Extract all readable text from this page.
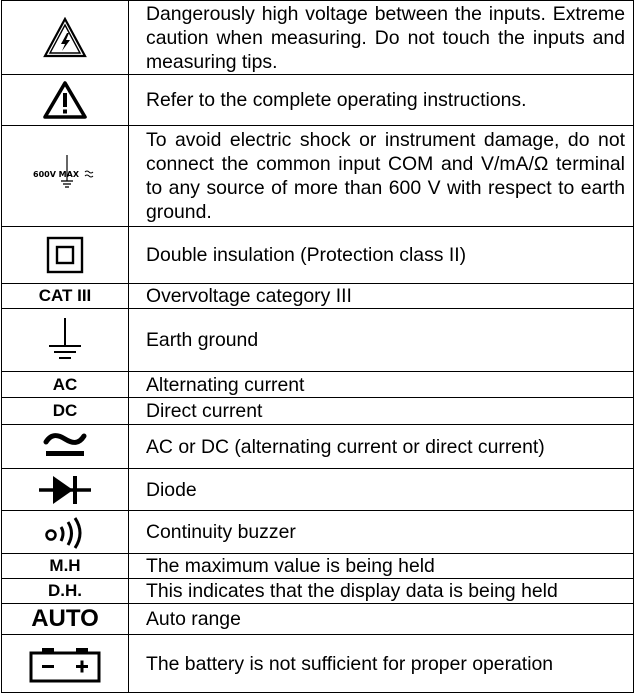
	Dangerously high voltage between the inputs. Extreme caution when measuring. Do not touch the inputs and measuring tips.

	Refer to the complete operating instructions.

600V MAX	To avoid electric shock or instrument damage, do not connect the common input COM and V/mA/Ω terminal to any source of more than 600 V with respect to earth ground.

	Double insulation (Protection class II)
CAT III	Overvoltage category III

	Earth ground
AC	Alternating current
DC	Direct current

	AC or DC (alternating current or direct current)

	Diode

	Continuity buzzer
M.H	The maximum value is being held
D.H.	This indicates that the display data is being held
AUTO	Auto range

	The battery is not sufficient for proper operation
